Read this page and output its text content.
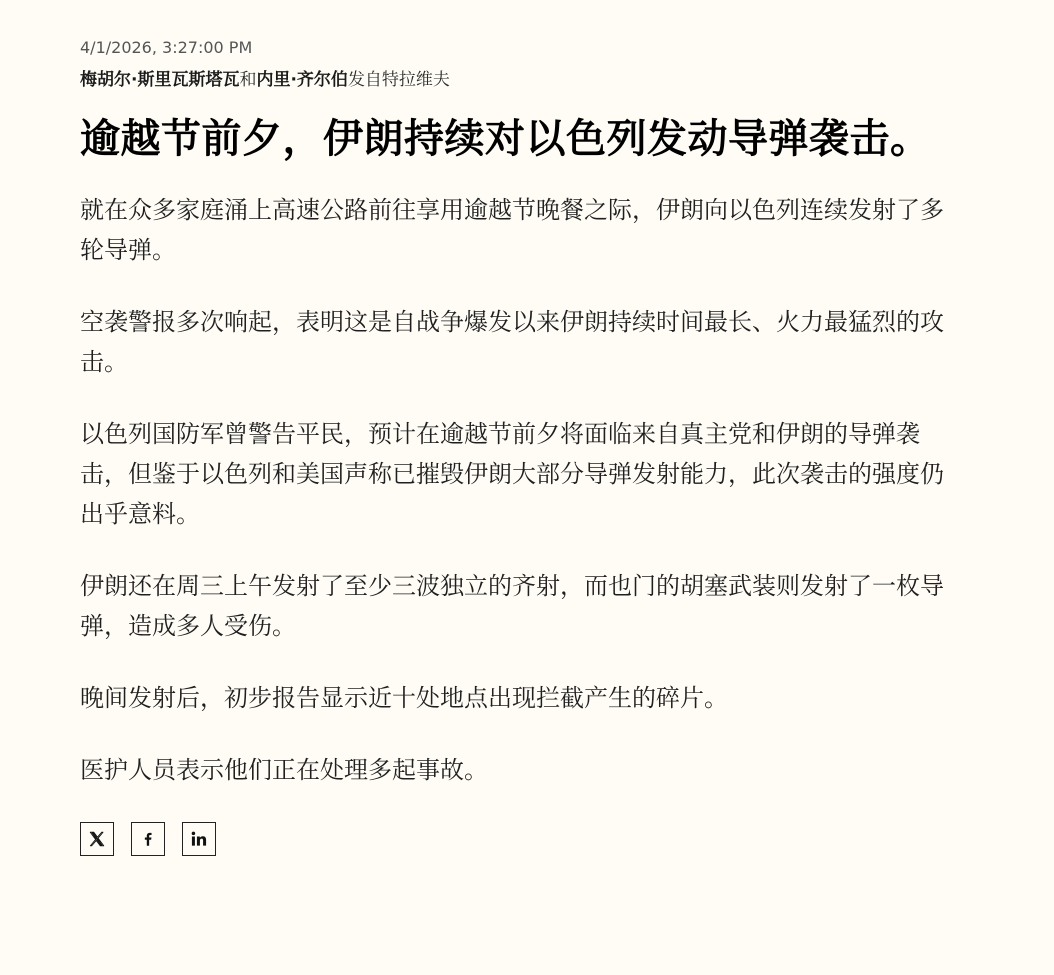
4/1/2026, 3:27:00 PM
梅胡尔·斯里瓦斯塔瓦和内里·齐尔伯发自特拉维夫
逾越节前夕，伊朗持续对以色列发动导弹袭击。

就在众多家庭涌上高速公路前往享用逾越节晚餐之际，伊朗向以色列连续发射了多轮导弹。

空袭警报多次响起，表明这是自战争爆发以来伊朗持续时间最长、火力最猛烈的攻击。

以色列国防军曾警告平民，预计在逾越节前夕将面临来自真主党和伊朗的导弹袭击，但鉴于以色列和美国声称已摧毁伊朗大部分导弹发射能力，此次袭击的强度仍出乎意料。

伊朗还在周三上午发射了至少三波独立的齐射，而也门的胡塞武装则发射了一枚导弹，造成多人受伤。

晚间发射后，初步报告显示近十处地点出现拦截产生的碎片。

医护人员表示他们正在处理多起事故。
